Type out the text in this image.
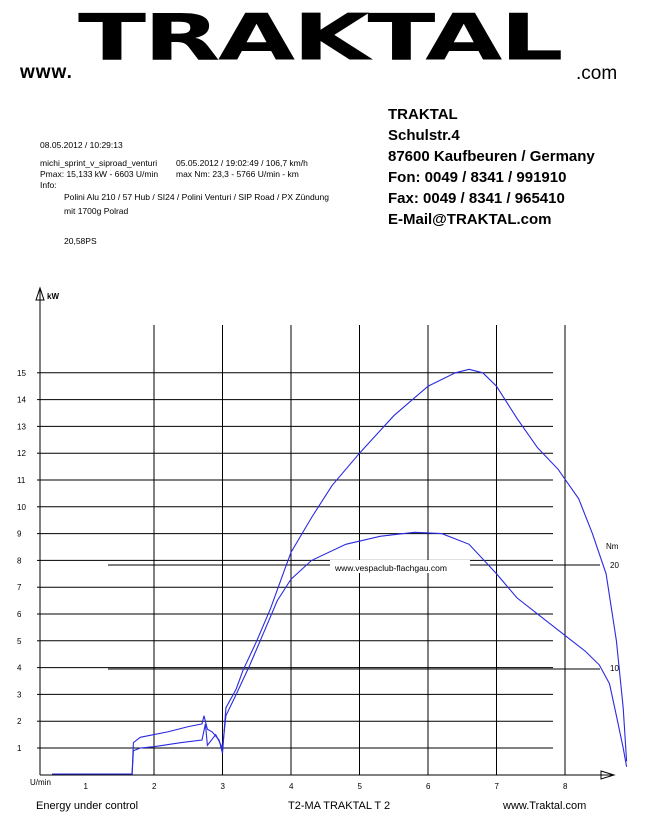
www. TRAKTAL .com
TRAKTAL
Schulstr.4
87600 Kaufbeuren / Germany
Fon: 0049 / 8341 / 991910
Fax: 0049 / 8341 / 965410
E-Mail@TRAKTAL.com
08.05.2012 / 10:29:13
michi_sprint_v_siproad_venturi 05.05.2012 / 19:02:49 / 106,7 km/h
Pmax: 15,133 kW - 6603 U/min max Nm: 23,3 - 5766 U/min - km
Info:
Polini Alu 210 / 57 Hub / SI24 / Polini Venturi / SIP Road / PX Zündung
mit 1700g Polrad
20,58PS
kW
U/min
1
2
3
4
5
6
7
8
9
10
11
12
13
14
15
1	2	3	4	5	6	7	8
Nm
20
10
www.vespaclub-flachgau.com
Energy under control	T2-MA TRAKTAL T 2	www.Traktal.com
